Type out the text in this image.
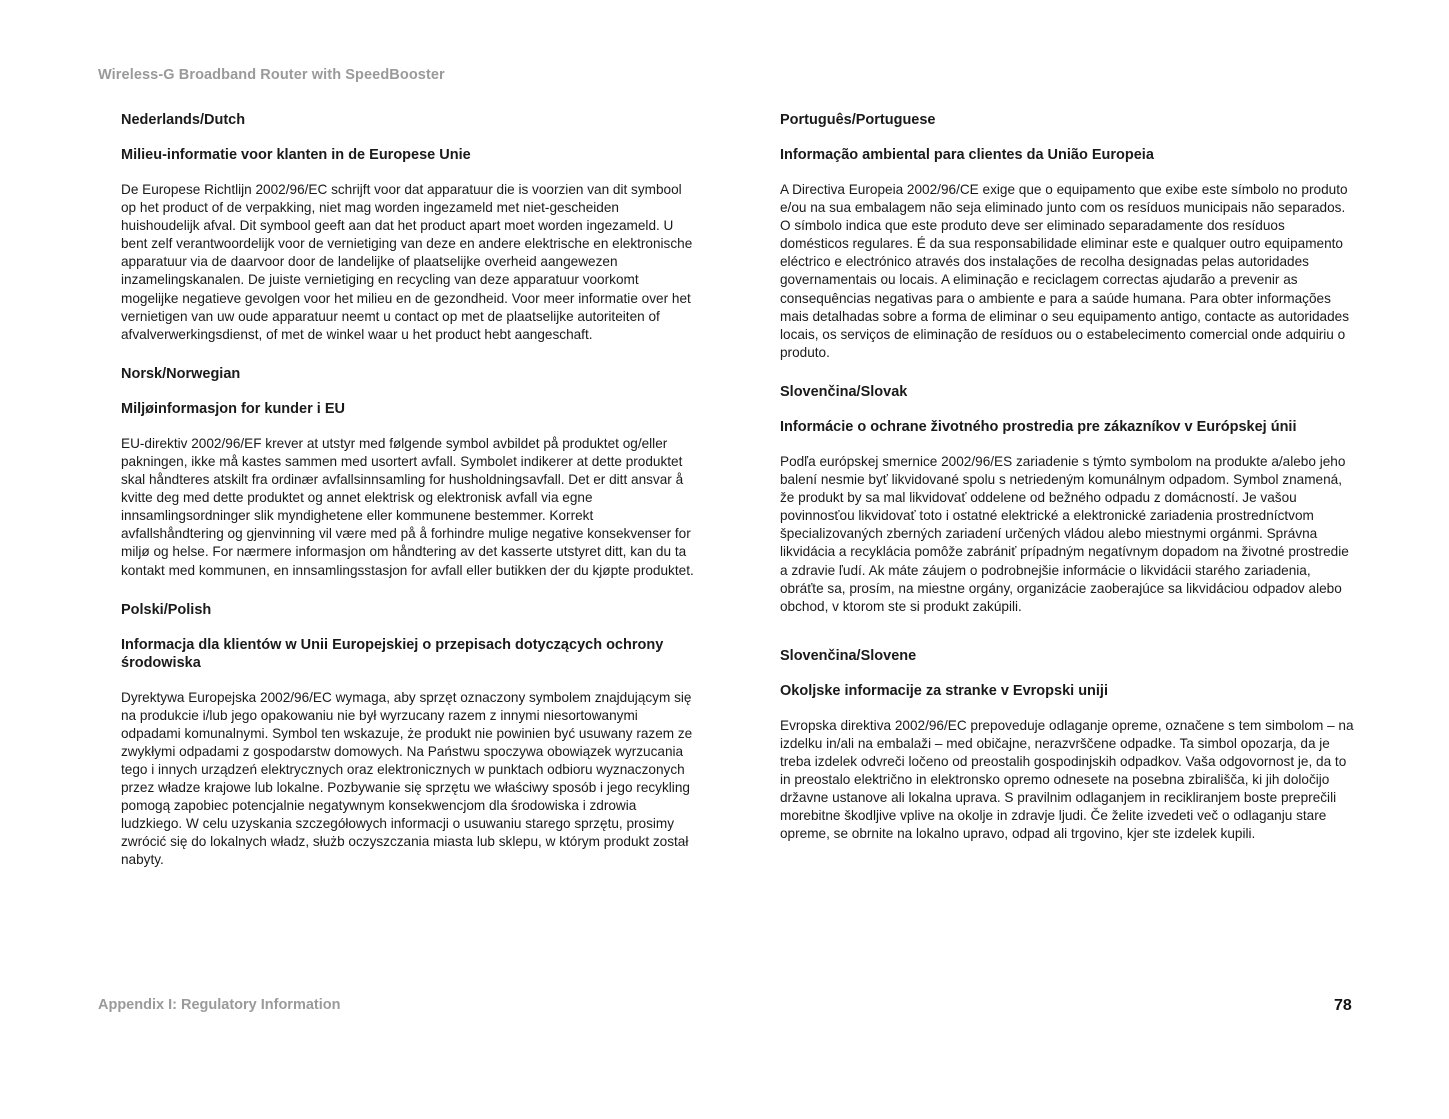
Wireless-G Broadband Router with SpeedBooster

Nederlands/Dutch

Milieu-informatie voor klanten in de Europese Unie

De Europese Richtlijn 2002/96/EC schrijft voor dat apparatuur die is voorzien van dit symbool op het product of de verpakking, niet mag worden ingezameld met niet-gescheiden huishoudelijk afval. Dit symbool geeft aan dat het product apart moet worden ingezameld. U bent zelf verantwoordelijk voor de vernietiging van deze en andere elektrische en elektronische apparatuur via de daarvoor door de landelijke of plaatselijke overheid aangewezen inzamelingskanalen. De juiste vernietiging en recycling van deze apparatuur voorkomt mogelijke negatieve gevolgen voor het milieu en de gezondheid. Voor meer informatie over het vernietigen van uw oude apparatuur neemt u contact op met de plaatselijke autoriteiten of afvalverwerkingsdienst, of met de winkel waar u het product hebt aangeschaft.

Norsk/Norwegian

Miljøinformasjon for kunder i EU

EU-direktiv 2002/96/EF krever at utstyr med følgende symbol avbildet på produktet og/eller pakningen, ikke må kastes sammen med usortert avfall. Symbolet indikerer at dette produktet skal håndteres atskilt fra ordinær avfallsinnsamling for husholdningsavfall. Det er ditt ansvar å kvitte deg med dette produktet og annet elektrisk og elektronisk avfall via egne innsamlingsordninger slik myndighetene eller kommunene bestemmer. Korrekt avfallshåndtering og gjenvinning vil være med på å forhindre mulige negative konsekvenser for miljø og helse. For nærmere informasjon om håndtering av det kasserte utstyret ditt, kan du ta kontakt med kommunen, en innsamlingsstasjon for avfall eller butikken der du kjøpte produktet.

Polski/Polish

Informacja dla klientów w Unii Europejskiej o przepisach dotyczących ochrony środowiska

Dyrektywa Europejska 2002/96/EC wymaga, aby sprzęt oznaczony symbolem znajdującym się na produkcie i/lub jego opakowaniu nie był wyrzucany razem z innymi niesortowanymi odpadami komunalnymi. Symbol ten wskazuje, że produkt nie powinien być usuwany razem ze zwykłymi odpadami z gospodarstw domowych. Na Państwu spoczywa obowiązek wyrzucania tego i innych urządzeń elektrycznych oraz elektronicznych w punktach odbioru wyznaczonych przez władze krajowe lub lokalne. Pozbywanie się sprzętu we właściwy sposób i jego recykling pomogą zapobiec potencjalnie negatywnym konsekwencjom dla środowiska i zdrowia ludzkiego. W celu uzyskania szczegółowych informacji o usuwaniu starego sprzętu, prosimy zwrócić się do lokalnych władz, służb oczyszczania miasta lub sklepu, w którym produkt został nabyty.

Português/Portuguese

Informação ambiental para clientes da União Europeia

A Directiva Europeia 2002/96/CE exige que o equipamento que exibe este símbolo no produto e/ou na sua embalagem não seja eliminado junto com os resíduos municipais não separados. O símbolo indica que este produto deve ser eliminado separadamente dos resíduos domésticos regulares. É da sua responsabilidade eliminar este e qualquer outro equipamento eléctrico e electrónico através dos instalações de recolha designadas pelas autoridades governamentais ou locais. A eliminação e reciclagem correctas ajudarão a prevenir as consequências negativas para o ambiente e para a saúde humana. Para obter informações mais detalhadas sobre a forma de eliminar o seu equipamento antigo, contacte as autoridades locais, os serviços de eliminação de resíduos ou o estabelecimento comercial onde adquiriu o produto.

Slovenčina/Slovak

Informácie o ochrane životného prostredia pre zákazníkov v Európskej únii

Podľa európskej smernice 2002/96/ES zariadenie s týmto symbolom na produkte a/alebo jeho balení nesmie byť likvidované spolu s netriedeným komunálnym odpadom. Symbol znamená, že produkt by sa mal likvidovať oddelene od bežného odpadu z domácností. Je vašou povinnosťou likvidovať toto i ostatné elektrické a elektronické zariadenia prostredníctvom špecializovaných zberných zariadení určených vládou alebo miestnymi orgánmi. Správna likvidácia a recyklácia pomôže zabrániť prípadným negatívnym dopadom na životné prostredie a zdravie ľudí. Ak máte záujem o podrobnejšie informácie o likvidácii starého zariadenia, obráťte sa, prosím, na miestne orgány, organizácie zaoberajúce sa likvidáciou odpadov alebo obchod, v ktorom ste si produkt zakúpili.

Slovenčina/Slovene

Okoljske informacije za stranke v Evropski uniji

Evropska direktiva 2002/96/EC prepoveduje odlaganje opreme, označene s tem simbolom – na izdelku in/ali na embalaži – med običajne, nerazvrščene odpadke. Ta simbol opozarja, da je treba izdelek odvreči ločeno od preostalih gospodinjskih odpadkov. Vaša odgovornost je, da to in preostalo električno in elektronsko opremo odnesete na posebna zbirališča, ki jih določijo državne ustanove ali lokalna uprava. S pravilnim odlaganjem in recikliranjem boste preprečili morebitne škodljive vplive na okolje in zdravje ljudi. Če želite izvedeti več o odlaganju stare opreme, se obrnite na lokalno upravo, odpad ali trgovino, kjer ste izdelek kupili.

Appendix I: Regulatory Information	78
